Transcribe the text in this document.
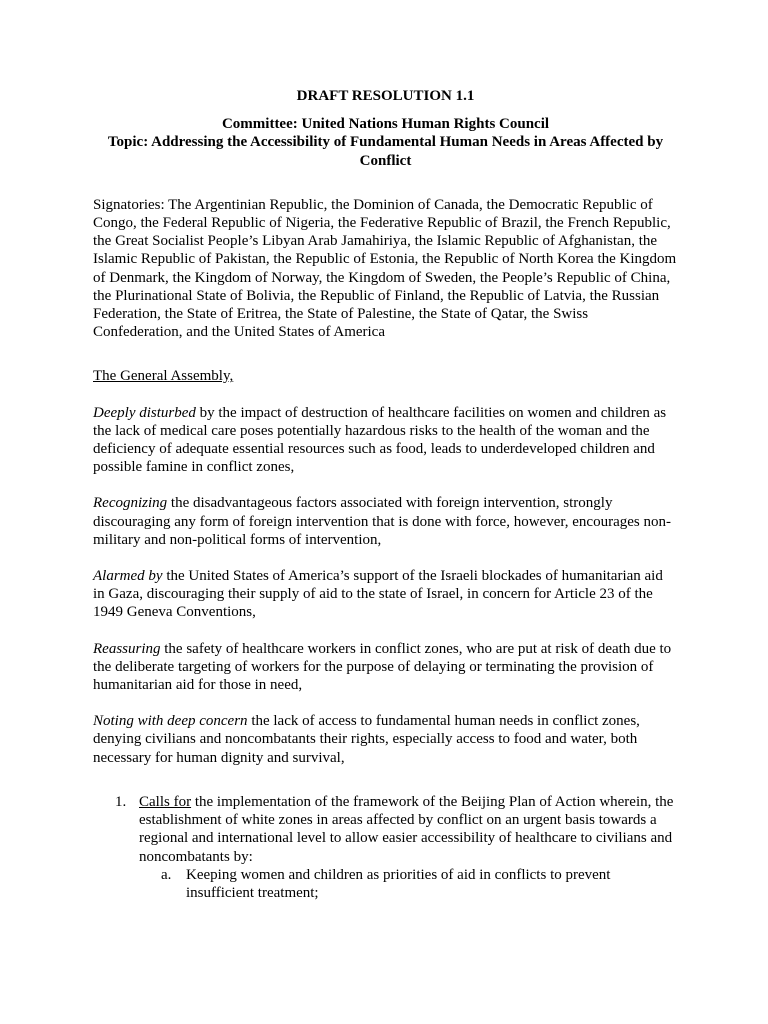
DRAFT RESOLUTION 1.1

Committee: United Nations Human Rights Council

Topic: Addressing the Accessibility of Fundamental Human Needs in Areas Affected by Conflict

Signatories: The Argentinian Republic, the Dominion of Canada, the Democratic Republic of Congo, the Federal Republic of Nigeria, the Federative Republic of Brazil, the French Republic, the Great Socialist People’s Libyan Arab Jamahiriya, the Islamic Republic of Afghanistan, the Islamic Republic of Pakistan, the Republic of Estonia, the Republic of North Korea the Kingdom of Denmark, the Kingdom of Norway, the Kingdom of Sweden, the People’s Republic of China, the Plurinational State of Bolivia, the Republic of Finland, the Republic of Latvia, the Russian Federation, the State of Eritrea, the State of Palestine, the State of Qatar, the Swiss Confederation, and the United States of America

The General Assembly,

Deeply disturbed by the impact of destruction of healthcare facilities on women and children as the lack of medical care poses potentially hazardous risks to the health of the woman and the deficiency of adequate essential resources such as food, leads to underdeveloped children and possible famine in conflict zones,

Recognizing the disadvantageous factors associated with foreign intervention, strongly discouraging any form of foreign intervention that is done with force, however, encourages non-military and non-political forms of intervention,

Alarmed by the United States of America’s support of the Israeli blockades of humanitarian aid in Gaza, discouraging their supply of aid to the state of Israel, in concern for Article 23 of the 1949 Geneva Conventions,

Reassuring the safety of healthcare workers in conflict zones, who are put at risk of death due to the deliberate targeting of workers for the purpose of delaying or terminating the provision of humanitarian aid for those in need,

Noting with deep concern the lack of access to fundamental human needs in conflict zones, denying civilians and noncombatants their rights, especially access to food and water, both necessary for human dignity and survival,

1. Calls for the implementation of the framework of the Beijing Plan of Action wherein, the establishment of white zones in areas affected by conflict on an urgent basis towards a regional and international level to allow easier accessibility of healthcare to civilians and noncombatants by:
a. Keeping women and children as priorities of aid in conflicts to prevent insufficient treatment;
